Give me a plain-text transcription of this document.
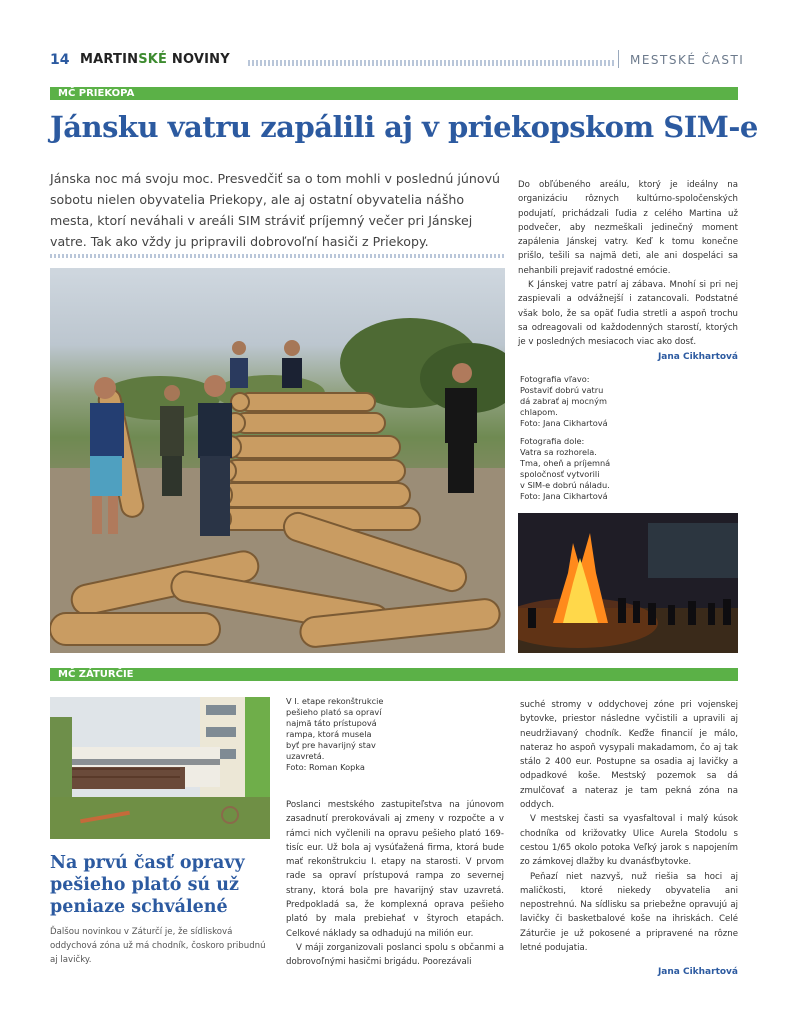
14 MARTINSKÉ NOVINY	MESTSKÉ ČASTI
MČ PRIEKOPA
Jánsku vatru zapálili aj v priekopskom SIM-e
Jánska noc má svoju moc. Presvedčiť sa o tom mohli v poslednú júnovú sobotu nielen obyvatelia Priekopy, ale aj ostatní obyvatelia nášho mesta, ktorí neváhali v areáli SIM stráviť príjemný večer pri Jánskej vatre. Tak ako vždy ju pripravili dobrovoľní hasiči z Priekopy.

Do obľúbeného areálu, ktorý je ideálny na organizáciu rôznych kultúrno-spoločenských podujatí, prichádzali ľudia z celého Martina už podvečer, aby nezmeškali jedinečný moment zapálenia Jánskej vatry. Keď k tomu konečne prišlo, tešili sa najmä deti, ale ani dospeláci sa nehanbili prejaviť radostné emócie.

K Jánskej vatre patrí aj zábava. Mnohí si pri nej zaspievali a odvážnejší i zatancovali. Podstatné však bolo, že sa opäť ľudia stretli a aspoň trochu sa odreagovali od každodenných starostí, ktorých je v posledných mesiacoch viac ako dosť.

Jana Cikhartová
Fotografia vľavo:
Postaviť dobrú vatru
dá zabrať aj mocným
chlapom.
Foto: Jana Cikhartová
Fotografia dole:
Vatra sa rozhorela.
Tma, oheň a príjemná
spoločnosť vytvorili
v SIM-e dobrú náladu.
Foto: Jana Cikhartová
MČ ZÁTURČIE
Na prvú časť opravy pešieho plató sú už peniaze schválené
Ďalšou novinkou v Záturčí je, že sídlisková oddychová zóna už má chodník, čoskoro pribudnú aj lavičky.
V I. etape rekonštrukcie
pešieho plató sa opraví
najmä táto prístupová
rampa, ktorá musela
byť pre havarijný stav
uzavretá.
Foto: Roman Kopka

Poslanci mestského zastupiteľstva na júnovom zasadnutí prerokovávali aj zmeny v rozpočte a v rámci nich vyčlenili na opravu pešieho plató 169-tisíc eur. Už bola aj vysúťažená firma, ktorá bude mať rekonštrukciu I. etapy na starosti. V prvom rade sa opraví prístupová rampa zo severnej strany, ktorá bola pre havarijný stav uzavretá. Predpokladá sa, že komplexná oprava pešieho plató by mala prebiehať v štyroch etapách. Celkové náklady sa odhadujú na milión eur.

V máji zorganizovali poslanci spolu s občanmi a dobrovoľnými hasičmi brigádu. Poorezávali

suché stromy v oddychovej zóne pri vojenskej bytovke, priestor následne vyčistili a upravili aj neudržiavaný chodník. Keďže financií je málo, nateraz ho aspoň vysypali makadamom, čo aj tak stálo 2 400 eur. Postupne sa osadia aj lavičky a odpadkové koše. Mestský pozemok sa dá zmulčovať a nateraz je tam pekná zóna na oddych.

V mestskej časti sa vyasfaltoval i malý kúsok chodníka od križovatky Ulice Aurela Stodolu s cestou 1/65 okolo potoka Veľký jarok s napojením zo zámkovej dlažby ku dvanásťbytovke.

Peňazí niet nazvyš, nuž riešia sa hoci aj maličkosti, ktoré niekedy obyvatelia ani nepostrehnú. Na sídlisku sa priebežne opravujú aj lavičky či basketbalové koše na ihriskách. Celé Záturčie je už pokosené a pripravené na rôzne letné podujatia.

Jana Cikhartová
